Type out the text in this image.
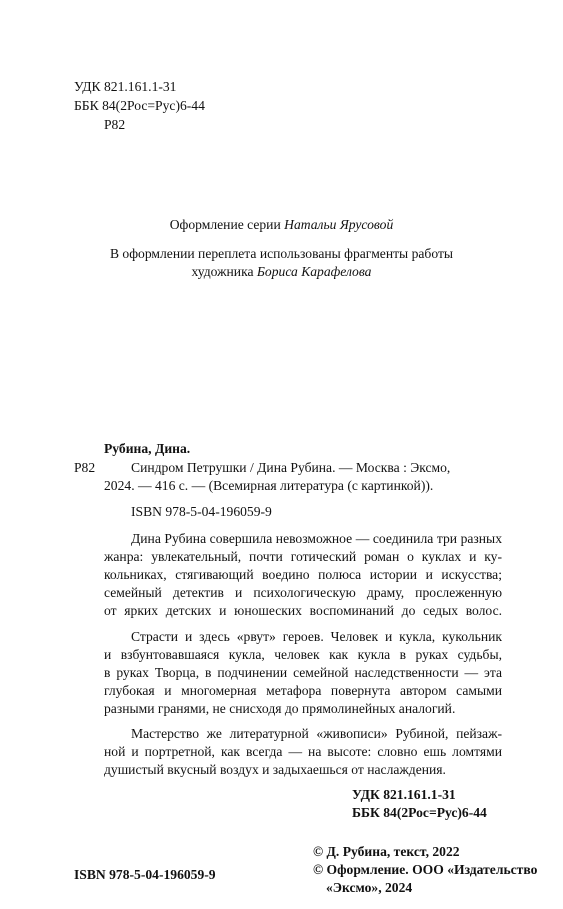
УДК 821.161.1-31
ББК 84(2Рос=Рус)6-44
Р82
Оформление серии Натальи Ярусовой
В оформлении переплета использованы фрагменты работы
художника Бориса Карафелова
Рубина, Дина.
Р82	Синдром Петрушки / Дина Рубина. — Москва : Эксмо,
2024. — 416 с. — (Всемирная литература (с картинкой)).
ISBN 978-5-04-196059-9
Дина Рубина совершила невозможное — соединила три разных
жанра: увлекательный, почти готический роман о куклах и ку-
кольниках, стягивающий воедино полюса истории и искусства;
семейный детектив и психологическую драму, прослеженную
от ярких детских и юношеских воспоминаний до седых волос.
Страсти и здесь «рвут» героев. Человек и кукла, кукольник
и взбунтовавшаяся кукла, человек как кукла в руках судьбы,
в руках Творца, в подчинении семейной наследственности — эта
глубокая и многомерная метафора повернута автором самыми
разными гранями, не снисходя до прямолинейных аналогий.
Мастерство же литературной «живописи» Рубиной, пейзаж-
ной и портретной, как всегда — на высоте: словно ешь ломтями
душистый вкусный воздух и задыхаешься от наслаждения.
УДК 821.161.1-31
ББК 84(2Рос=Рус)6-44
ISBN 978-5-04-196059-9
© Д. Рубина, текст, 2022
© Оформление. ООО «Издательство
«Эксмо», 2024
